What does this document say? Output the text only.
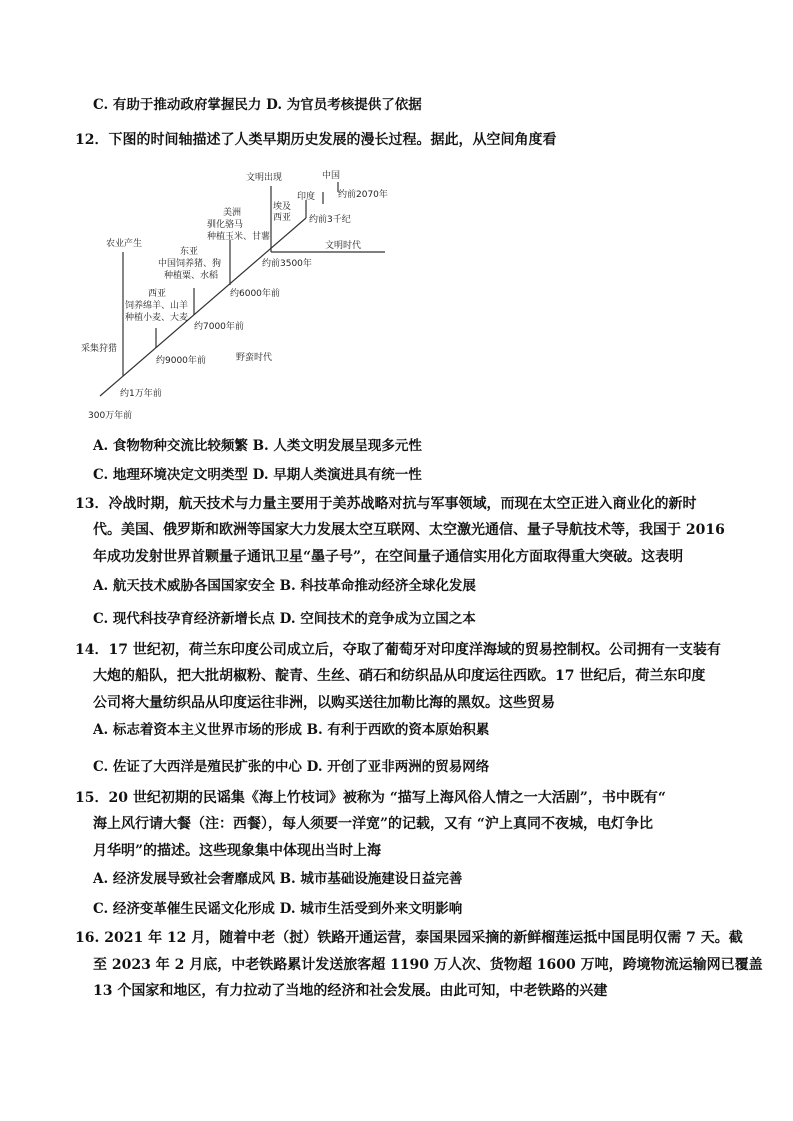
C. 有助于推动政府掌握民力 D. 为官员考核提供了依据
12．下图的时间轴描述了人类早期历史发展的漫长过程。据此，从空间角度看
300万年前
约1万年前
约9000年前
约7000年前
约6000年前
约前3500年
约前3千纪
约前2070年
农业产生
采集狩猎
野蛮时代
文明出现
文明时代
西亚
饲养绵羊、山羊
种植小麦、大麦
东亚
中国饲养猪、狗
种植粟、水稻
美洲
驯化骆马
种植玉米、甘薯
埃及
西亚
印度
中国
A. 食物物种交流比较频繁 B. 人类文明发展呈现多元性
C. 地理环境决定文明类型 D. 早期人类演进具有统一性
13．冷战时期，航天技术与力量主要用于美苏战略对抗与军事领域，而现在太空正进入商业化的新时
代。美国、俄罗斯和欧洲等国家大力发展太空互联网、太空激光通信、量子导航技术等，我国于 2016
年成功发射世界首颗量子通讯卫星“墨子号”，在空间量子通信实用化方面取得重大突破。这表明
A. 航天技术威胁各国国家安全 B. 科技革命推动经济全球化发展
C. 现代科技孕育经济新增长点 D. 空间技术的竞争成为立国之本
14．17 世纪初，荷兰东印度公司成立后，夺取了葡萄牙对印度洋海域的贸易控制权。公司拥有一支装有
大炮的船队，把大批胡椒粉、靛青、生丝、硝石和纺织品从印度运往西欧。17 世纪后，荷兰东印度
公司将大量纺织品从印度运往非洲，以购买送往加勒比海的黑奴。这些贸易
A. 标志着资本主义世界市场的形成 B. 有利于西欧的资本原始积累
C. 佐证了大西洋是殖民扩张的中心 D. 开创了亚非两洲的贸易网络
15．20 世纪初期的民谣集《海上竹枝词》被称为 “描写上海风俗人情之一大活剧”，书中既有“
海上风行请大餐（注：西餐），每人须要一洋宽”的记载，又有 “沪上真同不夜城，电灯争比
月华明”的描述。这些现象集中体现出当时上海
A. 经济发展导致社会奢靡成风 B. 城市基础设施建设日益完善
C. 经济变革催生民谣文化形成 D. 城市生活受到外来文明影响
16. 2021 年 12 月，随着中老（挝）铁路开通运营，泰国果园采摘的新鲜榴莲运抵中国昆明仅需 7 天。截
至 2023 年 2 月底，中老铁路累计发送旅客超 1190 万人次、货物超 1600 万吨，跨境物流运输网已覆盖
13 个国家和地区，有力拉动了当地的经济和社会发展。由此可知，中老铁路的兴建
